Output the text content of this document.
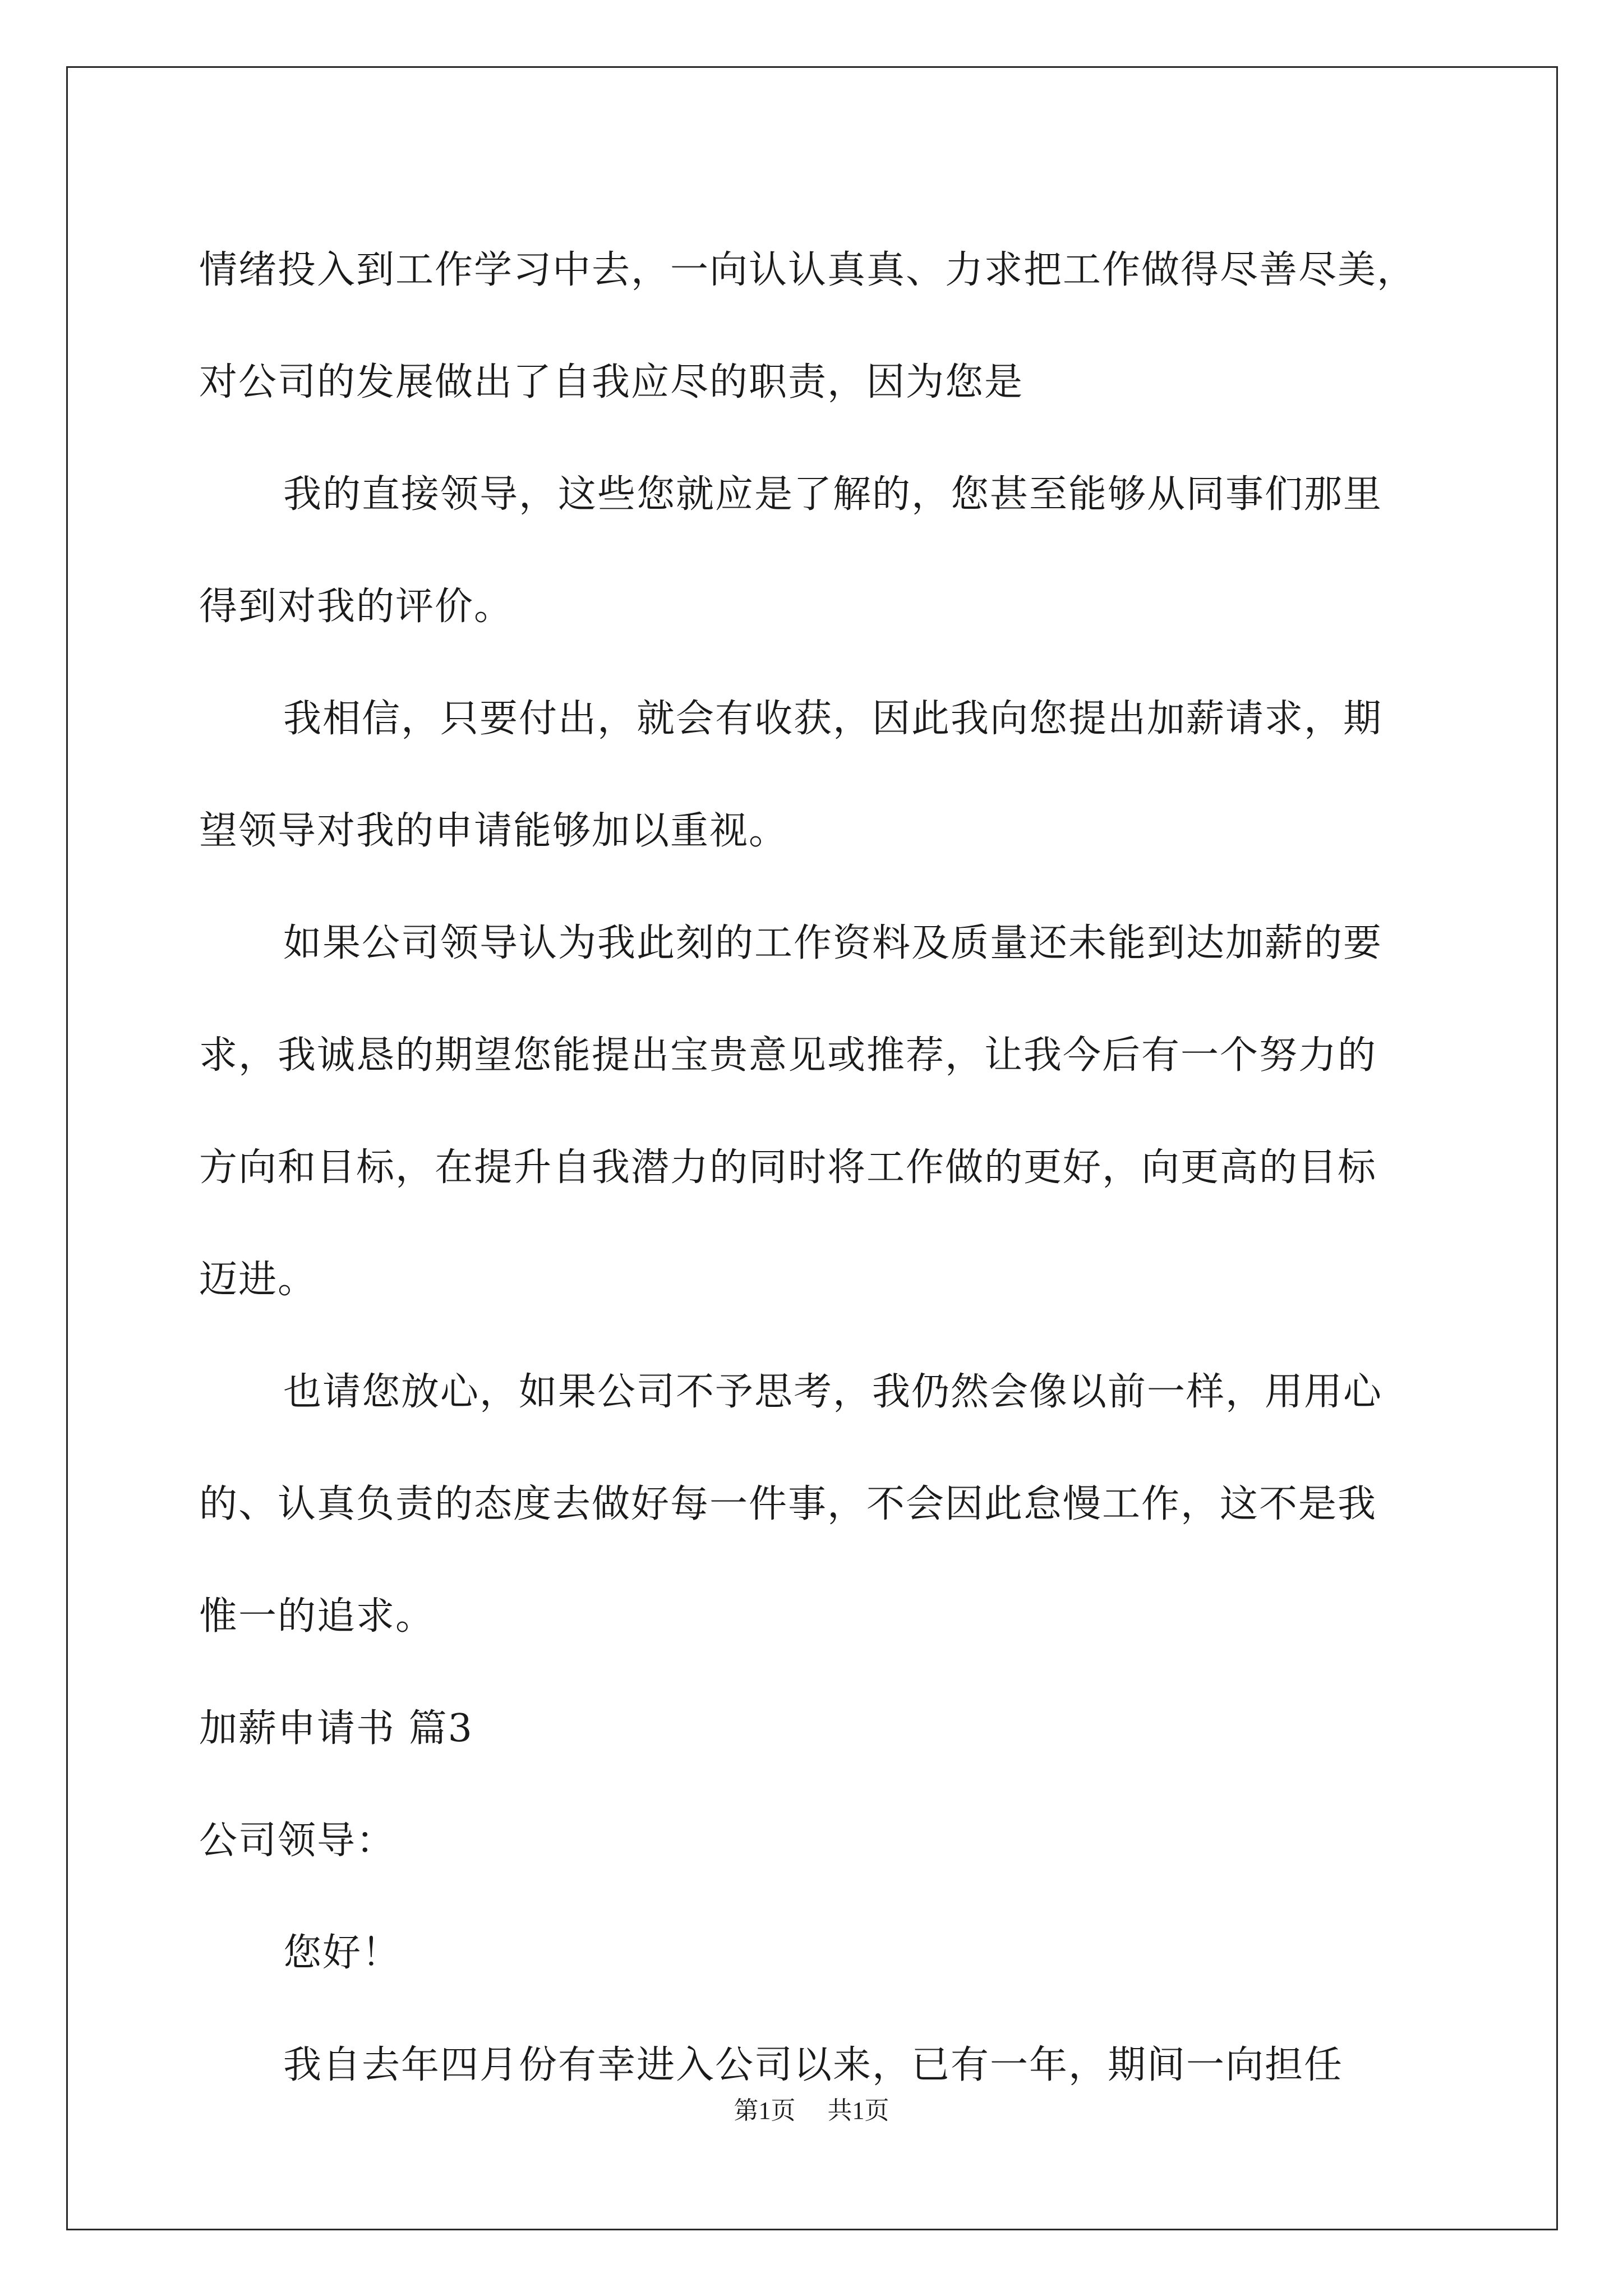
情绪投入到工作学习中去，一向认认真真、力求把工作做得尽善尽美，
对公司的发展做出了自我应尽的职责，因为您是
我的直接领导，这些您就应是了解的，您甚至能够从同事们那里
得到对我的评价。
我相信，只要付出，就会有收获，因此我向您提出加薪请求，期
望领导对我的申请能够加以重视。
如果公司领导认为我此刻的工作资料及质量还未能到达加薪的要
求，我诚恳的期望您能提出宝贵意见或推荐，让我今后有一个努力的
方向和目标，在提升自我潜力的同时将工作做的更好，向更高的目标
迈进。
也请您放心，如果公司不予思考，我仍然会像以前一样，用用心
的、认真负责的态度去做好每一件事，不会因此怠慢工作，这不是我
惟一的追求。
加薪申请书 篇3
公司领导：
您好！
我自去年四月份有幸进入公司以来，已有一年，期间一向担任
第1页 共1页
